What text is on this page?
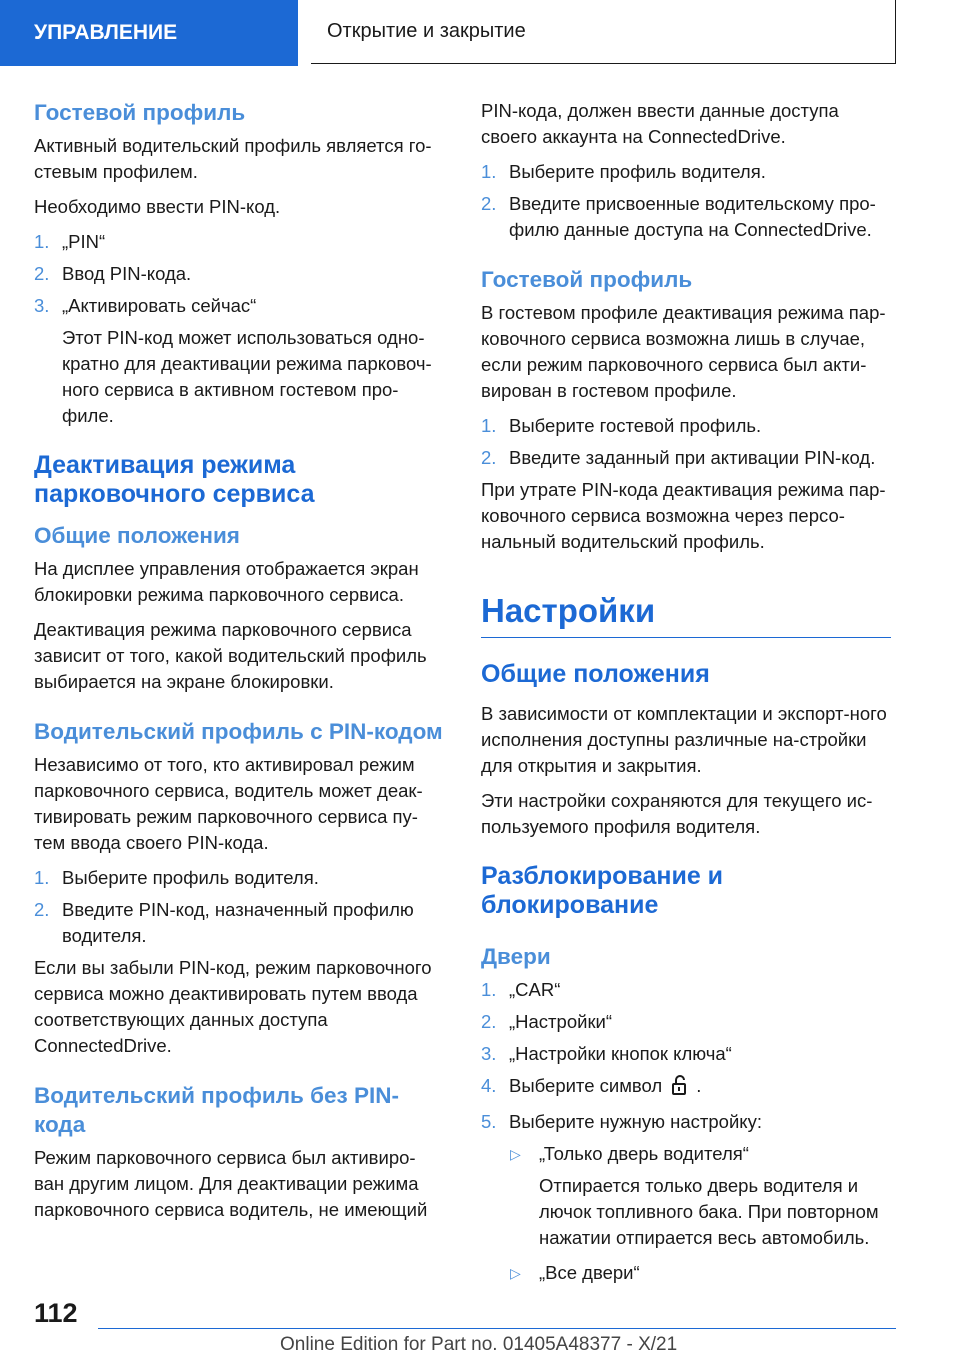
УПРАВЛЕНИЕ	Открытие и закрытие
Гостевой профиль

Активный водительский профиль является го-стевым профилем.

Необходимо ввести PIN-код.

1. „PIN“
2. Ввод PIN-кода.
3. „Активировать сейчас“

Этот PIN-код может использоваться одно-кратно для деактивации режима парковоч-ного сервиса в активном гостевом про-филе.

Деактивация режима парковочного сервиса
Общие положения

На дисплее управления отображается экран блокировки режима парковочного сервиса.

Деактивация режима парковочного сервиса зависит от того, какой водительский профиль выбирается на экране блокировки.

Водительский профиль с PIN-кодом

Независимо от того, кто активировал режим парковочного сервиса, водитель может деак-тивировать режим парковочного сервиса пу-тем ввода своего PIN-кода.

1. Выберите профиль водителя.
2. Введите PIN-код, назначенный профилю водителя.

Если вы забыли PIN-код, режим парковочного сервиса можно деактивировать путем ввода соответствующих данных доступа ConnectedDrive.

Водительский профиль без PIN-кода

Режим парковочного сервиса был активиро-ван другим лицом. Для деактивации режима парковочного сервиса водитель, не имеющий

PIN-кода, должен ввести данные доступа своего аккаунта на ConnectedDrive.

1. Выберите профиль водителя.
2. Введите присвоенные водительскому про-филю данные доступа на ConnectedDrive.
Гостевой профиль

В гостевом профиле деактивация режима пар-ковочного сервиса возможна лишь в случае, если режим парковочного сервиса был акти-вирован в гостевом профиле.

1. Выберите гостевой профиль.
2. Введите заданный при активации PIN-код.

При утрате PIN-кода деактивация режима пар-ковочного сервиса возможна через персо-нальный водительский профиль.

Настройки
Общие положения

В зависимости от комплектации и экспорт-ного исполнения доступны различные на-стройки для открытия и закрытия.

Эти настройки сохраняются для текущего ис-пользуемого профиля водителя.

Разблокирование и блокирование
Двери
1. „CAR“
2. „Настройки“
3. „Настройки кнопок ключа“
4. Выберите символ .
5. Выберите нужную настройку:
▷ „Только дверь водителя“

Отпирается только дверь водителя и лючок топливного бака. При повторном нажатии отпирается весь автомобиль.

▷ „Все двери“
112
Online Edition for Part no. 01405A48377 - X/21
